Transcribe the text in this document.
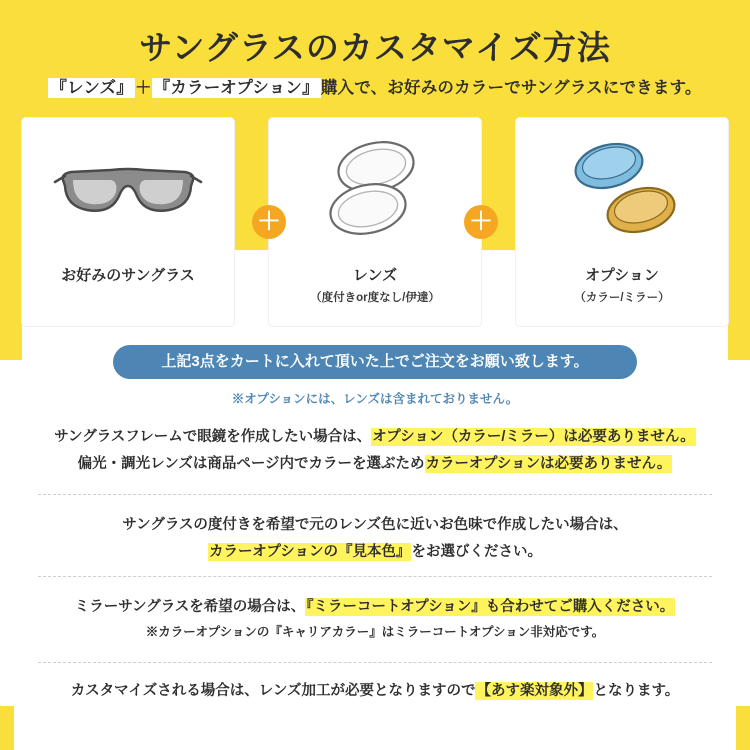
サングラスのカスタマイズ方法
『レンズ』 ＋ 『カラーオプション』 購入で、お好みのカラーでサングラスにできます。
お好みのサングラス	レンズ
（度付きor度なし/伊達）
オプション
（カラー/ミラー）
＋	＋
上記3点をカートに入れて頂いた上でご注文をお願い致します。
※オプションには、レンズは含まれておりません。
サングラスフレームで眼鏡を作成したい場合は、オプション（カラー/ミラー）は必要ありません。
偏光・調光レンズは商品ページ内でカラーを選ぶためカラーオプションは必要ありません。
サングラスの度付きを希望で元のレンズ色に近いお色味で作成したい場合は、
カラーオプションの『見本色』をお選びください。
ミラーサングラスを希望の場合は、『ミラーコートオプション』も合わせてご購入ください。
※カラーオプションの『キャリアカラー』はミラーコートオプション非対応です。
カスタマイズされる場合は、レンズ加工が必要となりますので【あす楽対象外】となります。
